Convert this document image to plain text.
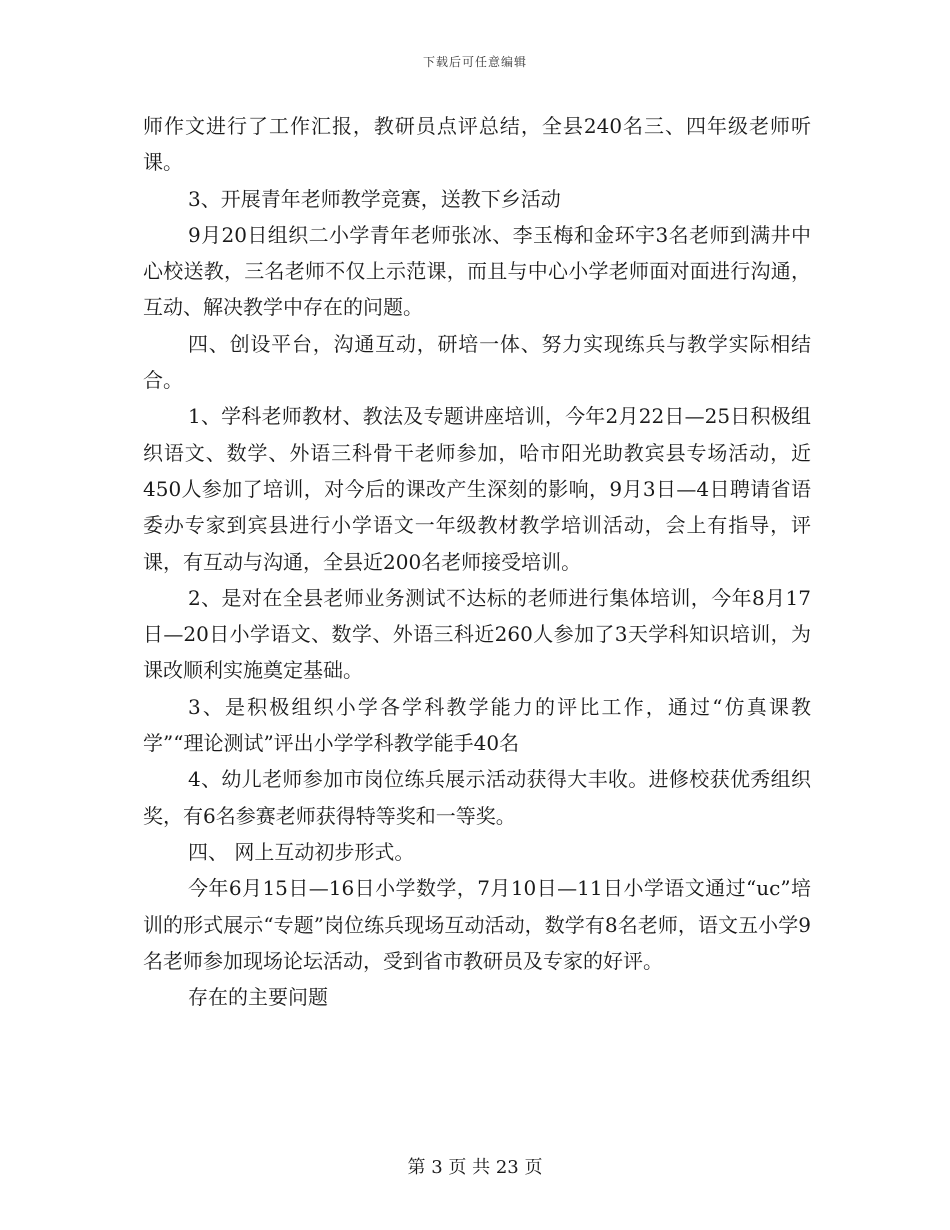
下载后可任意编辑

师作文进行了工作汇报，教研员点评总结，全县240名三、四年级老师听课。

3、开展青年老师教学竞赛，送教下乡活动

9月20日组织二小学青年老师张冰、李玉梅和金环宇3名老师到满井中心校送教，三名老师不仅上示范课，而且与中心小学老师面对面进行沟通，互动、解决教学中存在的问题。

四、创设平台，沟通互动，研培一体、努力实现练兵与教学实际相结合。

1、学科老师教材、教法及专题讲座培训，今年2月22日—25日积极组织语文、数学、外语三科骨干老师参加，哈市阳光助教宾县专场活动，近450人参加了培训，对今后的课改产生深刻的影响，9月3日—4日聘请省语委办专家到宾县进行小学语文一年级教材教学培训活动，会上有指导，评课，有互动与沟通，全县近200名老师接受培训。

2、是对在全县老师业务测试不达标的老师进行集体培训，今年8月17日—20日小学语文、数学、外语三科近260人参加了3天学科知识培训，为课改顺利实施奠定基础。

3、是积极组织小学各学科教学能力的评比工作，通过“仿真课教学”“理论测试”评出小学学科教学能手40名

4、幼儿老师参加市岗位练兵展示活动获得大丰收。进修校获优秀组织奖，有6名参赛老师获得特等奖和一等奖。

四、 网上互动初步形式。

今年6月15日—16日小学数学，7月10日—11日小学语文通过“uc”培训的形式展示“专题”岗位练兵现场互动活动，数学有8名老师，语文五小学9名老师参加现场论坛活动，受到省市教研员及专家的好评。

存在的主要问题

第 3 页 共 23 页
